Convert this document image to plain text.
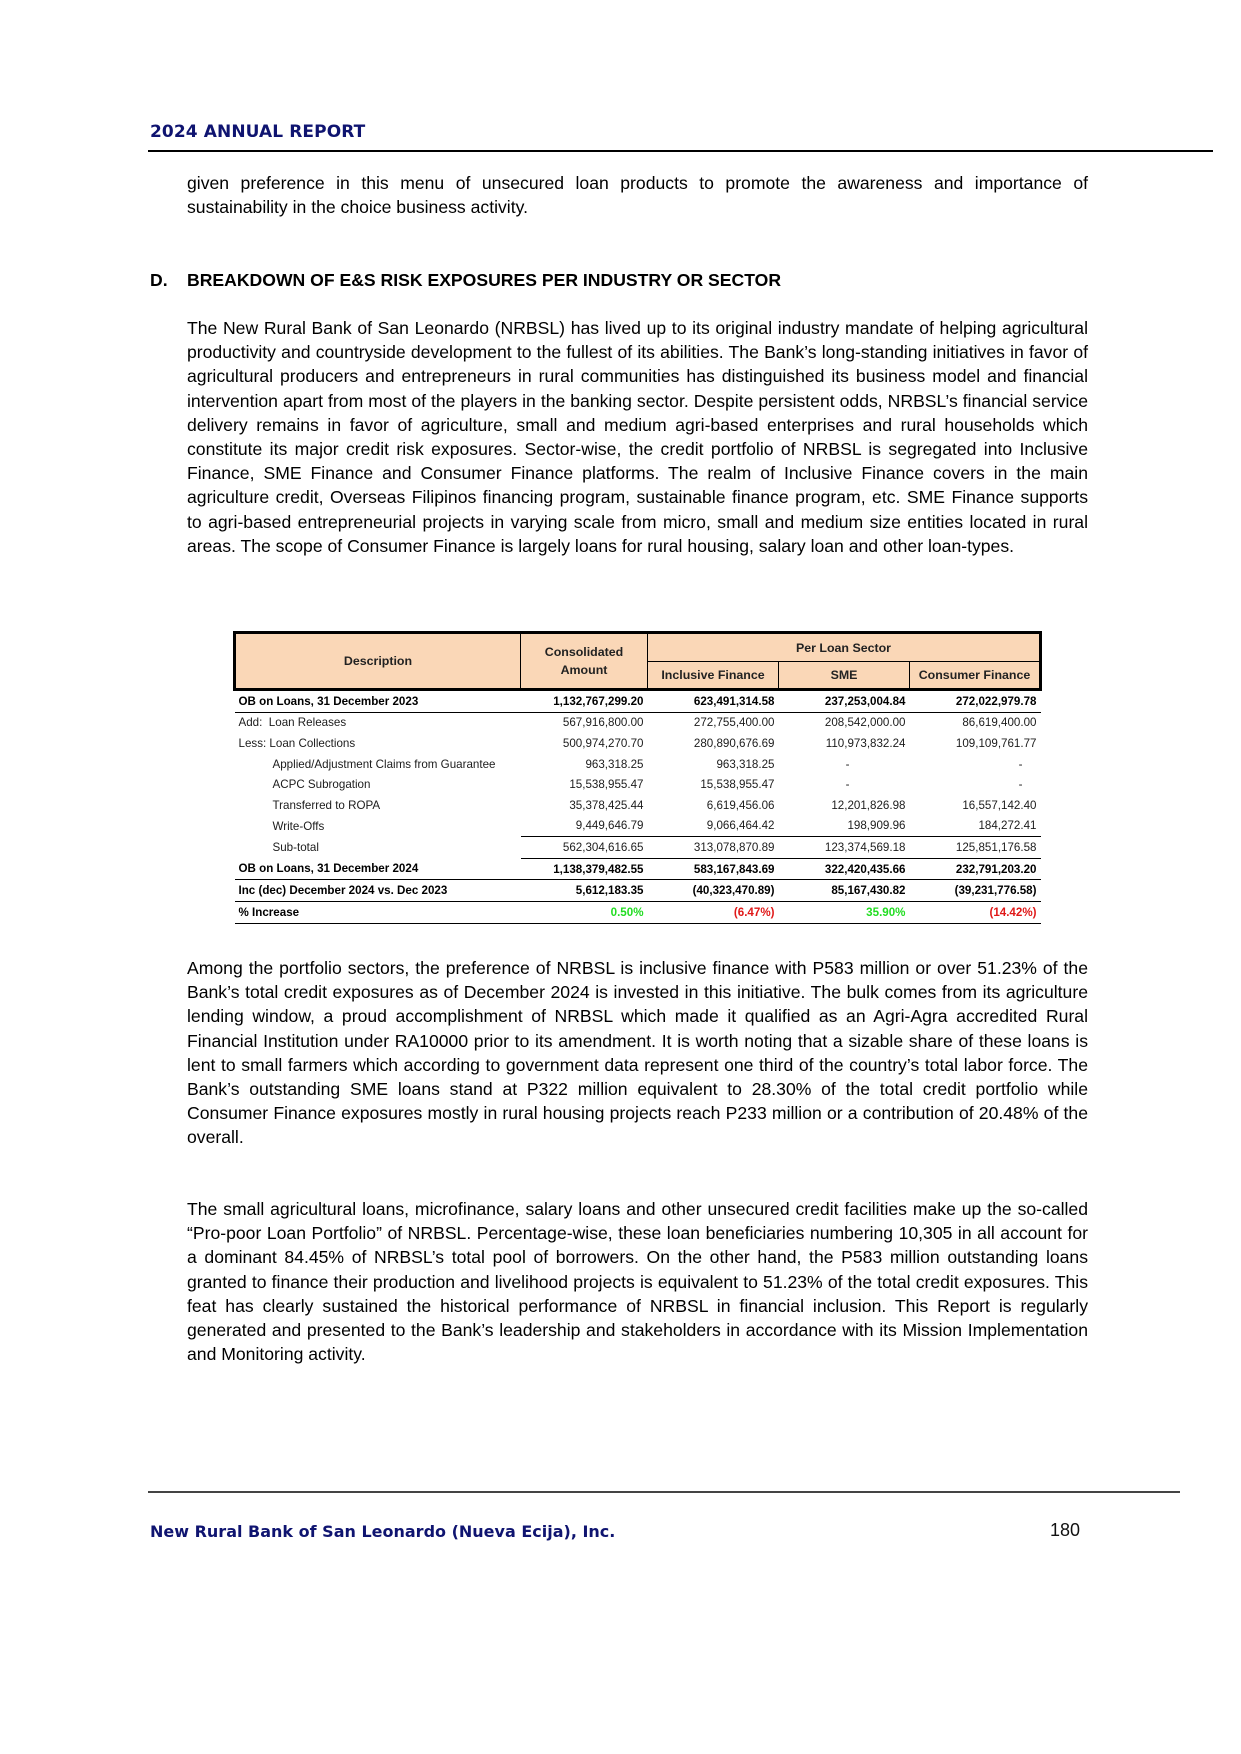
2024 ANNUAL REPORT

given preference in this menu of unsecured loan products to promote the awareness and importance of sustainability in the choice business activity.

D.	BREAKDOWN OF E&S RISK EXPOSURES PER INDUSTRY OR SECTOR

The New Rural Bank of San Leonardo (NRBSL) has lived up to its original industry mandate of helping agricultural productivity and countryside development to the fullest of its abilities. The Bank’s long-standing initiatives in favor of agricultural producers and entrepreneurs in rural communities has distinguished its business model and financial intervention apart from most of the players in the banking sector. Despite persistent odds, NRBSL’s financial service delivery remains in favor of agriculture, small and medium agri-based enterprises and rural households which constitute its major credit risk exposures. Sector-wise, the credit portfolio of NRBSL is segregated into Inclusive Finance, SME Finance and Consumer Finance platforms. The realm of Inclusive Finance covers in the main agriculture credit, Overseas Filipinos financing program, sustainable finance program, etc. SME Finance supports to agri-based entrepreneurial projects in varying scale from micro, small and medium size entities located in rural areas. The scope of Consumer Finance is largely loans for rural housing, salary loan and other loan-types.

Description	Consolidated Amount	Per Loan Sector		
		Inclusive Finance	SME	Consumer Finance
OB on Loans, 31 December 2023	1,132,767,299.20	623,491,314.58	237,253,004.84	272,022,979.78
Add:  Loan Releases	567,916,800.00	272,755,400.00	208,542,000.00	86,619,400.00
Less: Loan Collections	500,974,270.70	280,890,676.69	110,973,832.24	109,109,761.77
Applied/Adjustment Claims from Guarantee	963,318.25	963,318.25	-	-
ACPC Subrogation	15,538,955.47	15,538,955.47	-	-
Transferred to ROPA	35,378,425.44	6,619,456.06	12,201,826.98	16,557,142.40
Write-Offs	9,449,646.79	9,066,464.42	198,909.96	184,272.41
Sub-total	562,304,616.65	313,078,870.89	123,374,569.18	125,851,176.58
OB on Loans, 31 December 2024	1,138,379,482.55	583,167,843.69	322,420,435.66	232,791,203.20
Inc (dec) December 2024 vs. Dec 2023	5,612,183.35	(40,323,470.89)	85,167,430.82	(39,231,776.58)
% Increase	0.50%	(6.47%)	35.90%	(14.42%)

Among the portfolio sectors, the preference of NRBSL is inclusive finance with P583 million or over 51.23% of the Bank’s total credit exposures as of December 2024 is invested in this initiative. The bulk comes from its agriculture lending window, a proud accomplishment of NRBSL which made it qualified as an Agri-Agra accredited Rural Financial Institution under RA10000 prior to its amendment. It is worth noting that a sizable share of these loans is lent to small farmers which according to government data represent one third of the country’s total labor force. The Bank’s outstanding SME loans stand at P322 million equivalent to 28.30% of the total credit portfolio while Consumer Finance exposures mostly in rural housing projects reach P233 million or a contribution of 20.48% of the overall.

The small agricultural loans, microfinance, salary loans and other unsecured credit facilities make up the so-called “Pro-poor Loan Portfolio” of NRBSL. Percentage-wise, these loan beneficiaries numbering 10,305 in all account for a dominant 84.45% of NRBSL’s total pool of borrowers. On the other hand, the P583 million outstanding loans granted to finance their production and livelihood projects is equivalent to 51.23% of the total credit exposures. This feat has clearly sustained the historical performance of NRBSL in financial inclusion. This Report is regularly generated and presented to the Bank’s leadership and stakeholders in accordance with its Mission Implementation and Monitoring activity.

New Rural Bank of San Leonardo (Nueva Ecija), Inc.	180
